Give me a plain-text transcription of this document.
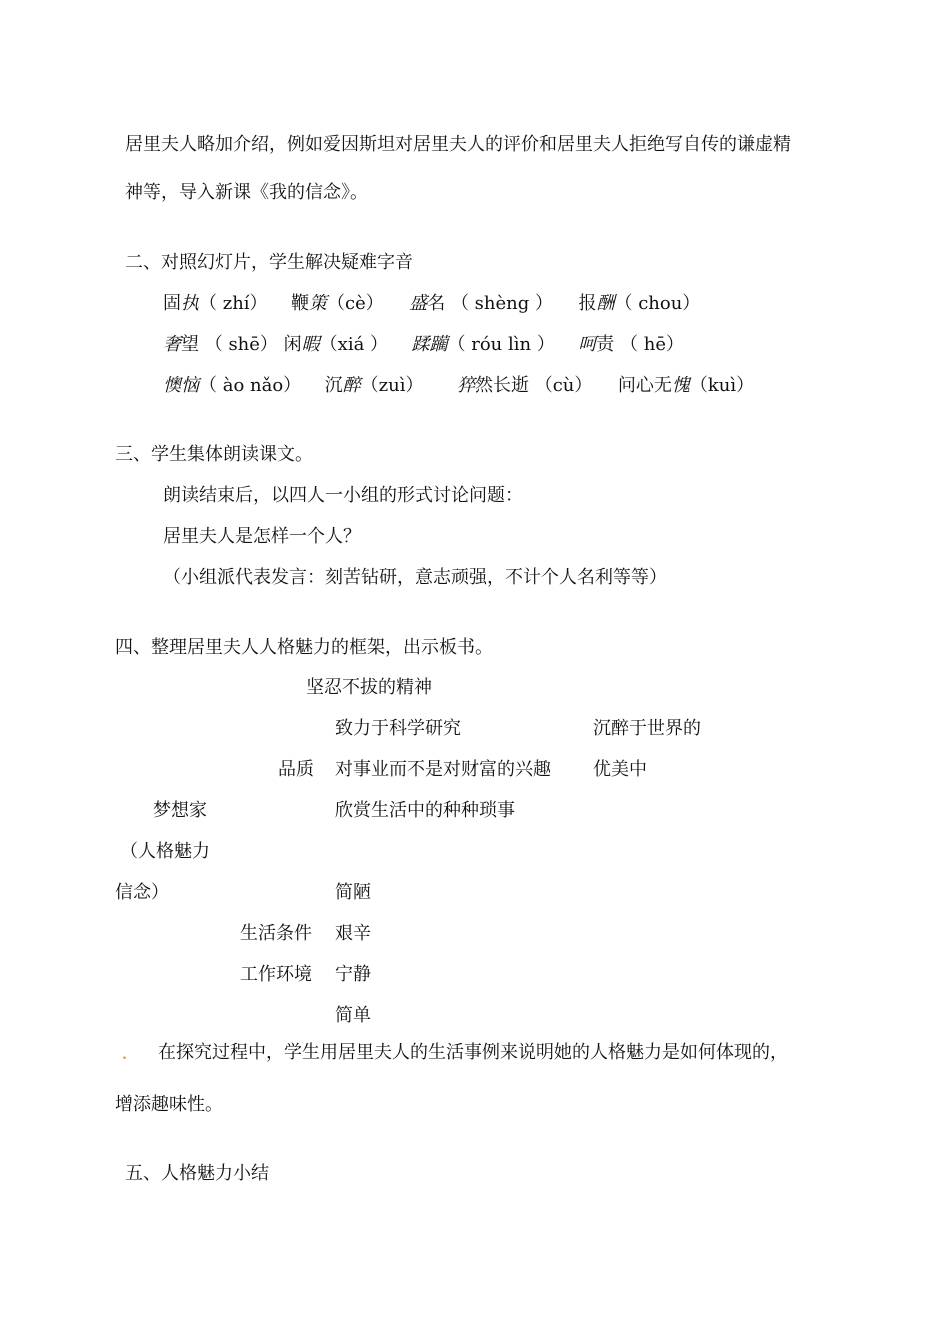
居里夫人略加介绍，例如爱因斯坦对居里夫人的评价和居里夫人拒绝写自传的谦虚精
神等，导入新课《我的信念》。
二、对照幻灯片，学生解决疑难字音
固执（ zhí） 鞭策（cè） 盛名 （ shèng ） 报酬（ chou）
奢望 （ shē） 闲暇（xiá ） 蹂躏（ róu lìn ） 呵责 （ hē）
懊恼（ ào nǎo） 沉醉（zuì） 猝然长逝 （cù） 问心无愧（kuì）
三、学生集体朗读课文。
朗读结束后，以四人一小组的形式讨论问题：
居里夫人是怎样一个人？
（小组派代表发言：刻苦钻研，意志顽强，不计个人名利等等）
四、整理居里夫人人格魅力的框架，出示板书。
坚忍不拔的精神
致力于科学研究	沉醉于世界的
品质 对事业而不是对财富的兴趣 优美中
梦想家	欣赏生活中的种种琐事
（人格魅力
信念）	简陋
生活条件 艰辛
工作环境 宁静
简单
. 在探究过程中，学生用居里夫人的生活事例来说明她的人格魅力是如何体现的，
增添趣味性。
五、人格魅力小结
